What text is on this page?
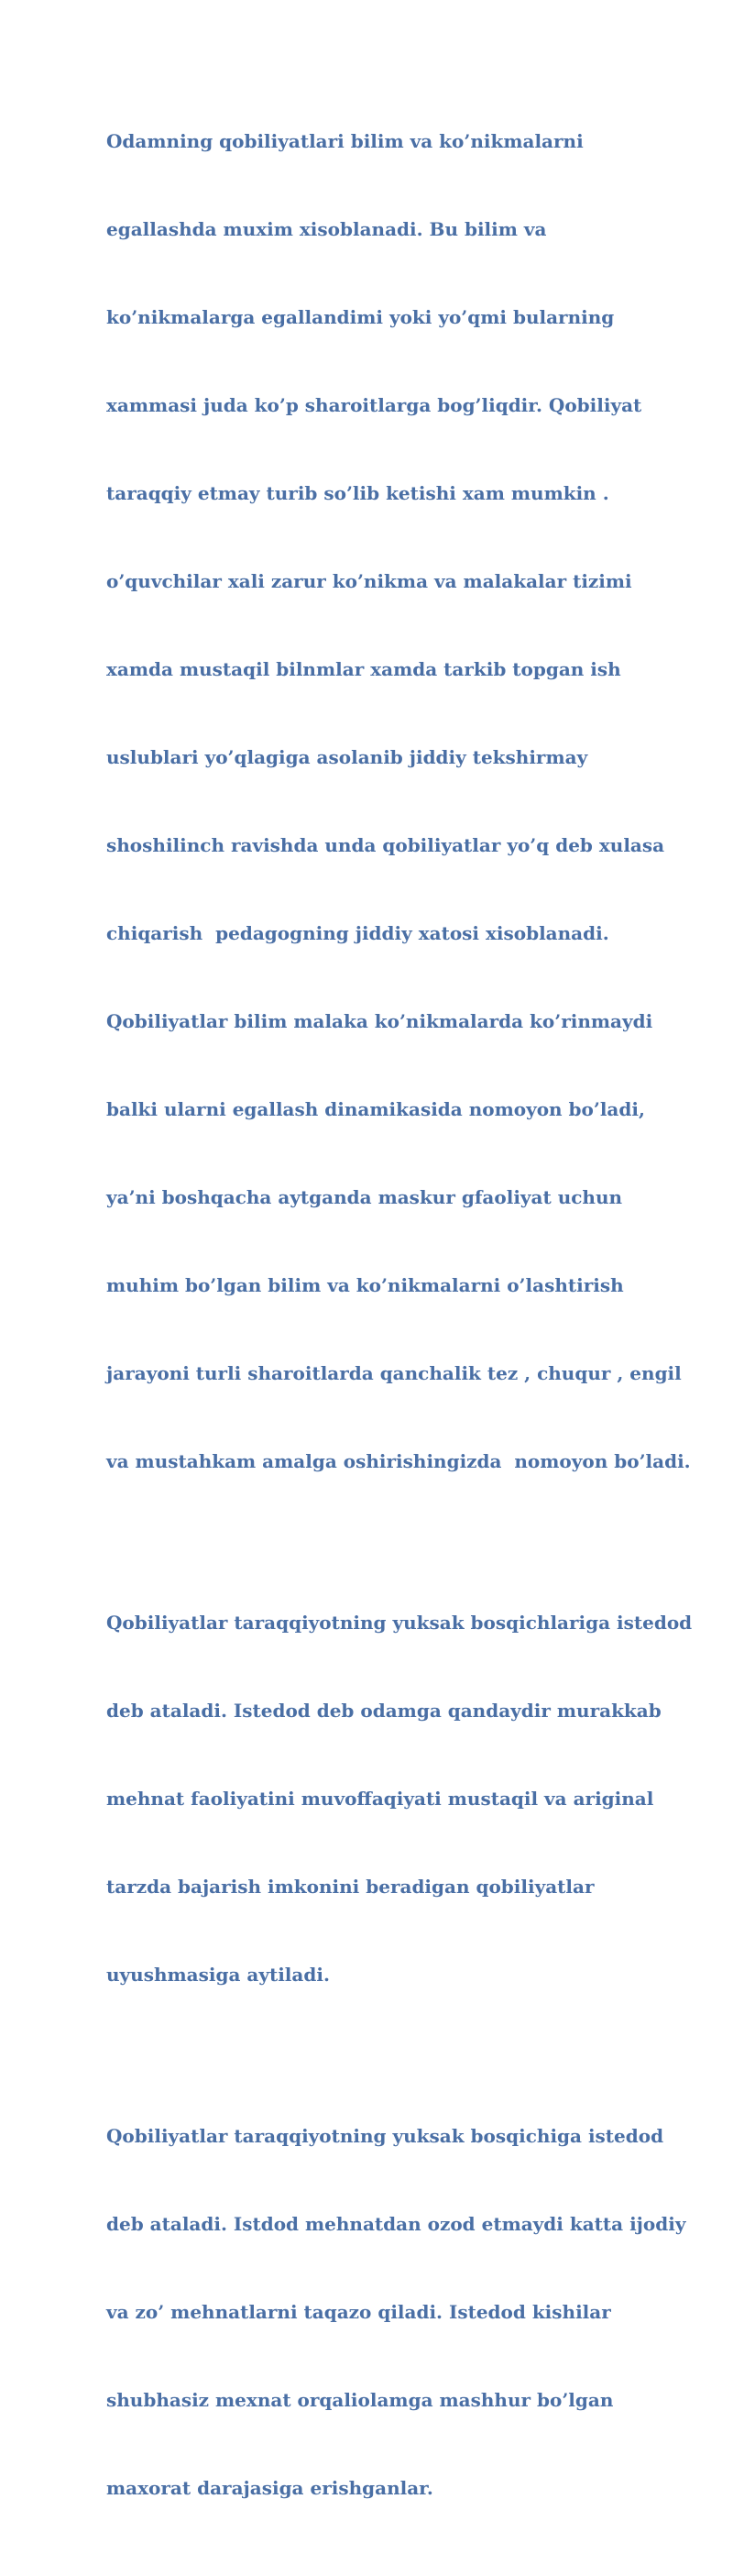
Odamning qobiliyatlari bilim va ko’nikmalarni

egallashda muxim xisoblanadi. Bu bilim va

ko’nikmalarga egallandimi yoki yo’qmi bularning

xammasi juda ko’p sharoitlarga bog’liqdir. Qobiliyat

taraqqiy etmay turib so’lib ketishi xam mumkin .

o’quvchilar xali zarur ko’nikma va malakalar tizimi

xamda mustaqil bilnmlar xamda tarkib topgan ish

uslublari yo’qlagiga asolanib jiddiy tekshirmay

shoshilinch ravishda unda qobiliyatlar yo’q deb xulasa

chiqarish  pedagogning jiddiy xatosi xisoblanadi.

Qobiliyatlar bilim malaka ko’nikmalarda ko’rinmaydi

balki ularni egallash dinamikasida nomoyon bo’ladi,

ya’ni boshqacha aytganda maskur gfaoliyat uchun

muhim bo’lgan bilim va ko’nikmalarni o’lashtirish

jarayoni turli sharoitlarda qanchalik tez , chuqur , engil

va mustahkam amalga oshirishingizda  nomoyon bo’ladi.

Qobiliyatlar taraqqiyotning yuksak bosqichlariga istedod

deb ataladi. Istedod deb odamga qandaydir murakkab

mehnat faoliyatini muvoffaqiyati mustaqil va ariginal

tarzda bajarish imkonini beradigan qobiliyatlar

uyushmasiga aytiladi.

Qobiliyatlar taraqqiyotning yuksak bosqichiga istedod

deb ataladi. Istdod mehnatdan ozod etmaydi katta ijodiy

va zo’ mehnatlarni taqazo qiladi. Istedod kishilar

shubhasiz mexnat orqaliolamga mashhur bo’lgan

maxorat darajasiga erishganlar.
